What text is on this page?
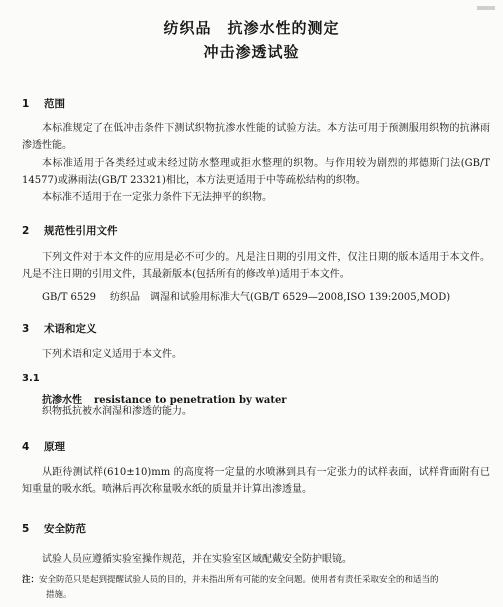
纺织品　抗渗水性的测定
冲击渗透试验
1 范围
本标准规定了在低冲击条件下测试织物抗渗水性能的试验方法。本方法可用于预测服用织物的抗淋雨渗透性能。
本标准适用于各类经过或未经过防水整理或拒水整理的织物。与作用较为剧烈的邦德斯门法(GB/T 14577)或淋雨法(GB/T 23321)相比，本方法更适用于中等疏松结构的织物。
本标准不适用于在一定张力条件下无法抻平的织物。
2 规范性引用文件
下列文件对于本文件的应用是必不可少的。凡是注日期的引用文件，仅注日期的版本适用于本文件。凡是不注日期的引用文件，其最新版本(包括所有的修改单)适用于本文件。
GB/T 6529 纺织品　调湿和试验用标准大气(GB/T 6529—2008,ISO 139:2005,MOD)
3 术语和定义
下列术语和定义适用于本文件。
3.1
抗渗水性 resistance to penetration by water
织物抵抗被水润湿和渗透的能力。
4 原理
从距待测试样(610±10)mm 的高度将一定量的水喷淋到具有一定张力的试样表面，试样背面附有已知重量的吸水纸。喷淋后再次称量吸水纸的质量并计算出渗透量。
5 安全防范
试验人员应遵循实验室操作规范，并在实验室区域配戴安全防护眼镜。
注：安全防范只是起到提醒试验人员的目的，并未指出所有可能的安全问题。使用者有责任采取安全的和适当的
措施。
